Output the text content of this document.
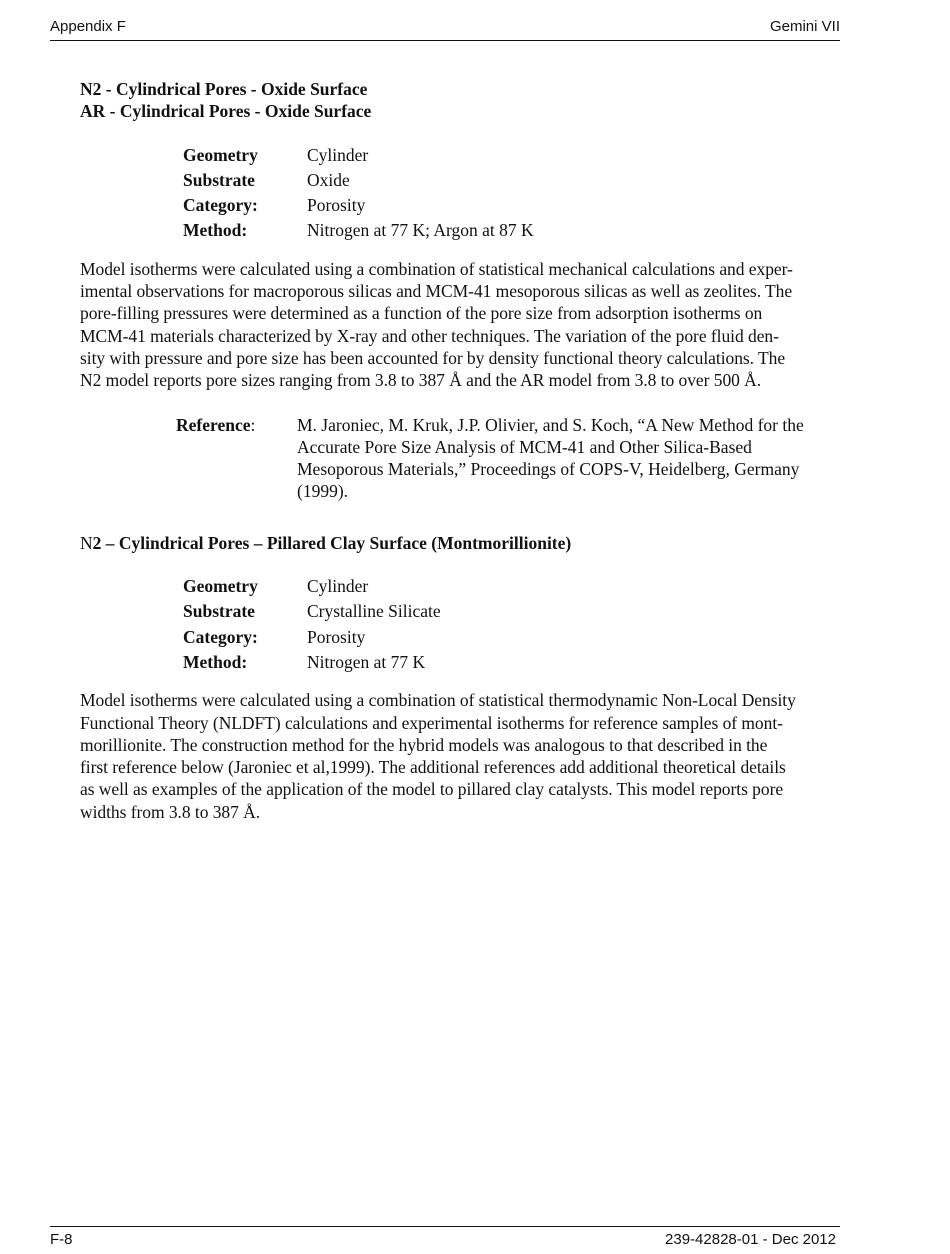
Appendix F	Gemini VII

N2 - Cylindrical Pores - Oxide Surface

AR - Cylindrical Pores - Oxide Surface

Geometry	Cylinder
Substrate	Oxide
Category:	Porosity
Method:	Nitrogen at 77 K; Argon at 87 K
Model isotherms were calculated using a combination of statistical mechanical calculations and exper-
imental observations for macroporous silicas and MCM-41 mesoporous silicas as well as zeolites. The
pore-filling pressures were determined as a function of the pore size from adsorption isotherms on
MCM-41 materials characterized by X-ray and other techniques. The variation of the pore fluid den-
sity with pressure and pore size has been accounted for by density functional theory calculations. The
N2 model reports pore sizes ranging from 3.8 to 387 Å and the AR model from 3.8 to over 500 Å.
Reference:	M. Jaroniec, M. Kruk, J.P. Olivier, and S. Koch, “A New Method for the
Accurate Pore Size Analysis of MCM-41 and Other Silica-Based
Mesoporous Materials,” Proceedings of COPS-V, Heidelberg, Germany
(1999).

N2 – Cylindrical Pores – Pillared Clay Surface (Montmorillionite)

Geometry	Cylinder
Substrate	Crystalline Silicate
Category:	Porosity
Method:	Nitrogen at 77 K
Model isotherms were calculated using a combination of statistical thermodynamic Non-Local Density
Functional Theory (NLDFT) calculations and experimental isotherms for reference samples of mont-
morillionite. The construction method for the hybrid models was analogous to that described in the
first reference below (Jaroniec et al,1999). The additional references add additional theoretical details
as well as examples of the application of the model to pillared clay catalysts. This model reports pore
widths from 3.8 to 387 Å.
F-8	239-42828-01 - Dec 2012
